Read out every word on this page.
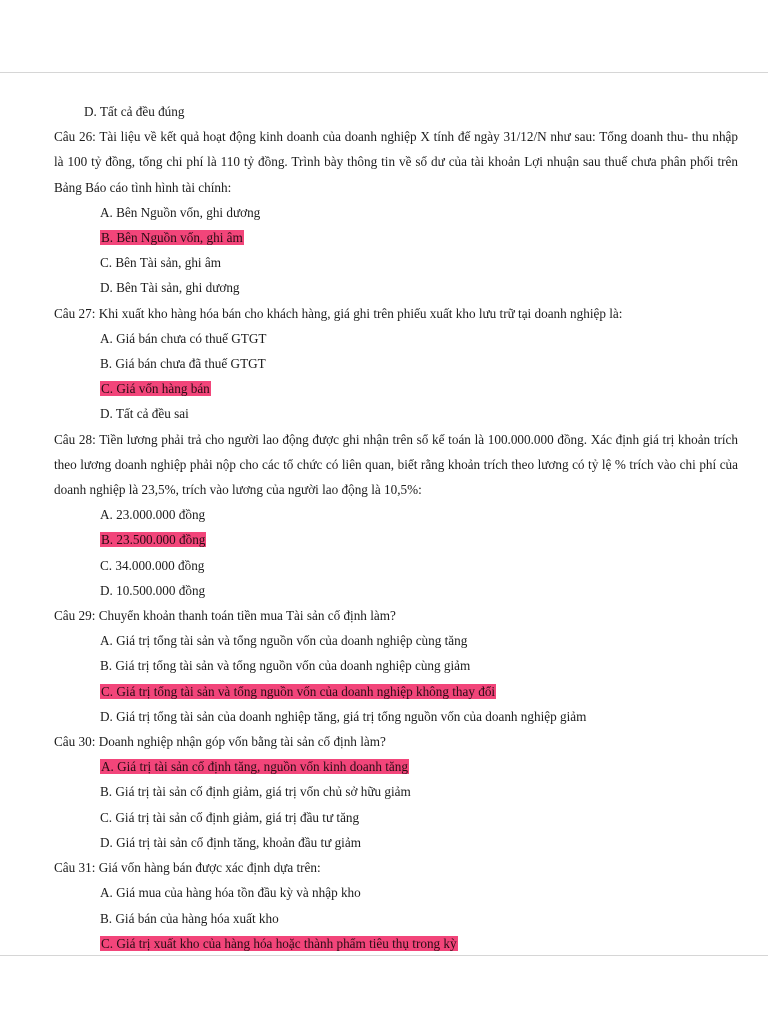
D. Tất cả đều đúng

Câu 26: Tài liệu về kết quả hoạt động kinh doanh của doanh nghiệp X tính đế ngày 31/12/N như sau: Tổng doanh thu- thu nhập là 100 tỷ đồng, tổng chi phí là 110 tỷ đồng. Trình bày thông tin về số dư của tài khoản Lợi nhuận sau thuế chưa phân phối trên Bảng Báo cáo tình hình tài chính:

A. Bên Nguồn vốn, ghi dương

B. Bên Nguồn vốn, ghi âm

C. Bên Tài sản, ghi âm

D. Bên Tài sản, ghi dương

Câu 27: Khi xuất kho hàng hóa bán cho khách hàng, giá ghi trên phiếu xuất kho lưu trữ tại doanh nghiệp là:

A. Giá bán chưa có thuế GTGT

B. Giá bán chưa đã thuế GTGT

C. Giá vốn hàng bán

D. Tất cả đều sai

Câu 28: Tiền lương phải trả cho người lao động được ghi nhận trên sổ kế toán là 100.000.000 đồng. Xác định giá trị khoản trích theo lương doanh nghiệp phải nộp cho các tổ chức có liên quan, biết rằng khoản trích theo lương có tỷ lệ % trích vào chi phí của doanh nghiệp là 23,5%, trích vào lương của người lao động là 10,5%:

A. 23.000.000 đồng

B. 23.500.000 đồng

C. 34.000.000 đồng

D. 10.500.000 đồng

Câu 29: Chuyển khoản thanh toán tiền mua Tài sản cố định làm?

A. Giá trị tổng tài sản và tổng nguồn vốn của doanh nghiệp cùng tăng

B. Giá trị tổng tài sản và tổng nguồn vốn của doanh nghiệp cùng giảm

C. Giá trị tổng tài sản và tổng nguồn vốn của doanh nghiệp không thay đổi

D. Giá trị tổng tài sản của doanh nghiệp tăng, giá trị tổng nguồn vốn của doanh nghiệp giảm

Câu 30: Doanh nghiệp nhận góp vốn bằng tài sản cố định làm?

A. Giá trị tài sản cố định tăng, nguồn vốn kinh doanh tăng

B. Giá trị tài sản cố định giảm, giá trị vốn chủ sở hữu giảm

C. Giá trị tài sản cố định giảm, giá trị đầu tư tăng

D. Giá trị tài sản cố định tăng, khoản đầu tư giảm

Câu 31: Giá vốn hàng bán được xác định dựa trên:

A. Giá mua của hàng hóa tồn đầu kỳ và nhập kho

B. Giá bán của hàng hóa xuất kho

C. Giá trị xuất kho của hàng hóa hoặc thành phẩm tiêu thụ trong kỳ
